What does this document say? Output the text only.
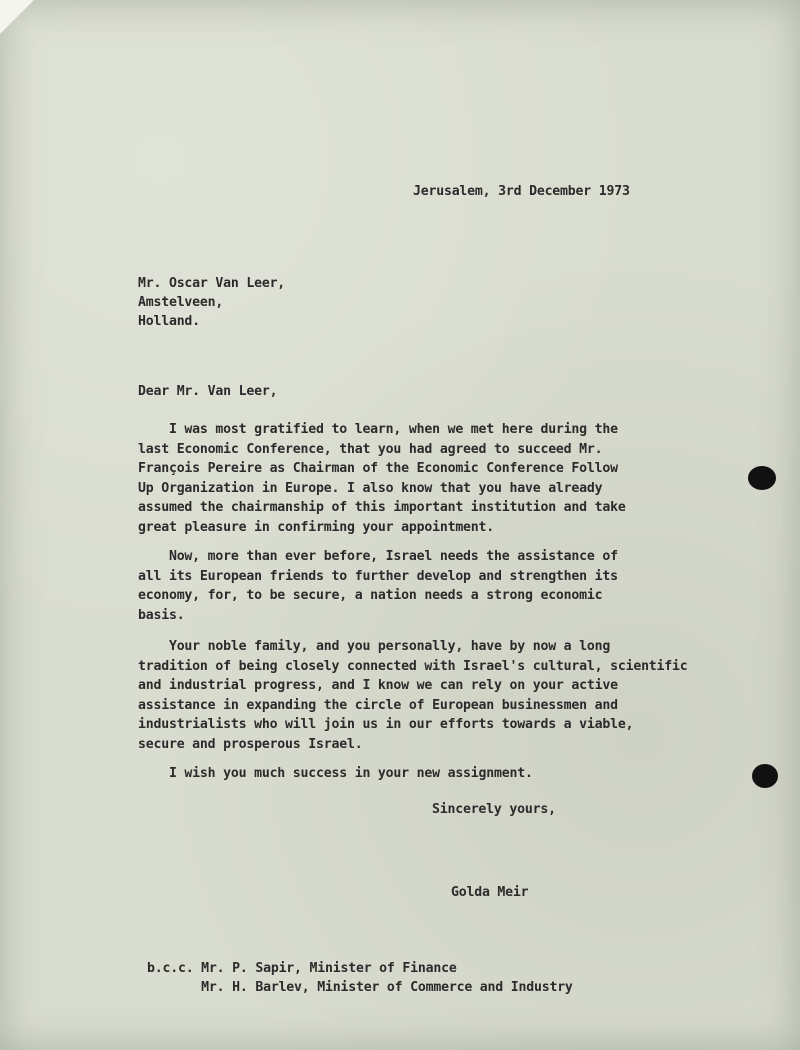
Jerusalem, 3rd December 1973
Mr. Oscar Van Leer,
Amstelveen,
Holland.
Dear Mr. Van Leer,
I was most gratified to learn, when we met here during the
last Economic Conference, that you had agreed to succeed Mr.
François Pereire as Chairman of the Economic Conference Follow
Up Organization in Europe. I also know that you have already
assumed the chairmanship of this important institution and take
great pleasure in confirming your appointment.
Now, more than ever before, Israel needs the assistance of
all its European friends to further develop and strengthen its
economy, for, to be secure, a nation needs a strong economic
basis.
Your noble family, and you personally, have by now a long
tradition of being closely connected with Israel's cultural, scientific
and industrial progress, and I know we can rely on your active
assistance in expanding the circle of European businessmen and
industrialists who will join us in our efforts towards a viable,
secure and prosperous Israel.
I wish you much success in your new assignment.
Sincerely yours,
Golda Meir
b.c.c. Mr. P. Sapir, Minister of Finance
Mr. H. Barlev, Minister of Commerce and Industry
